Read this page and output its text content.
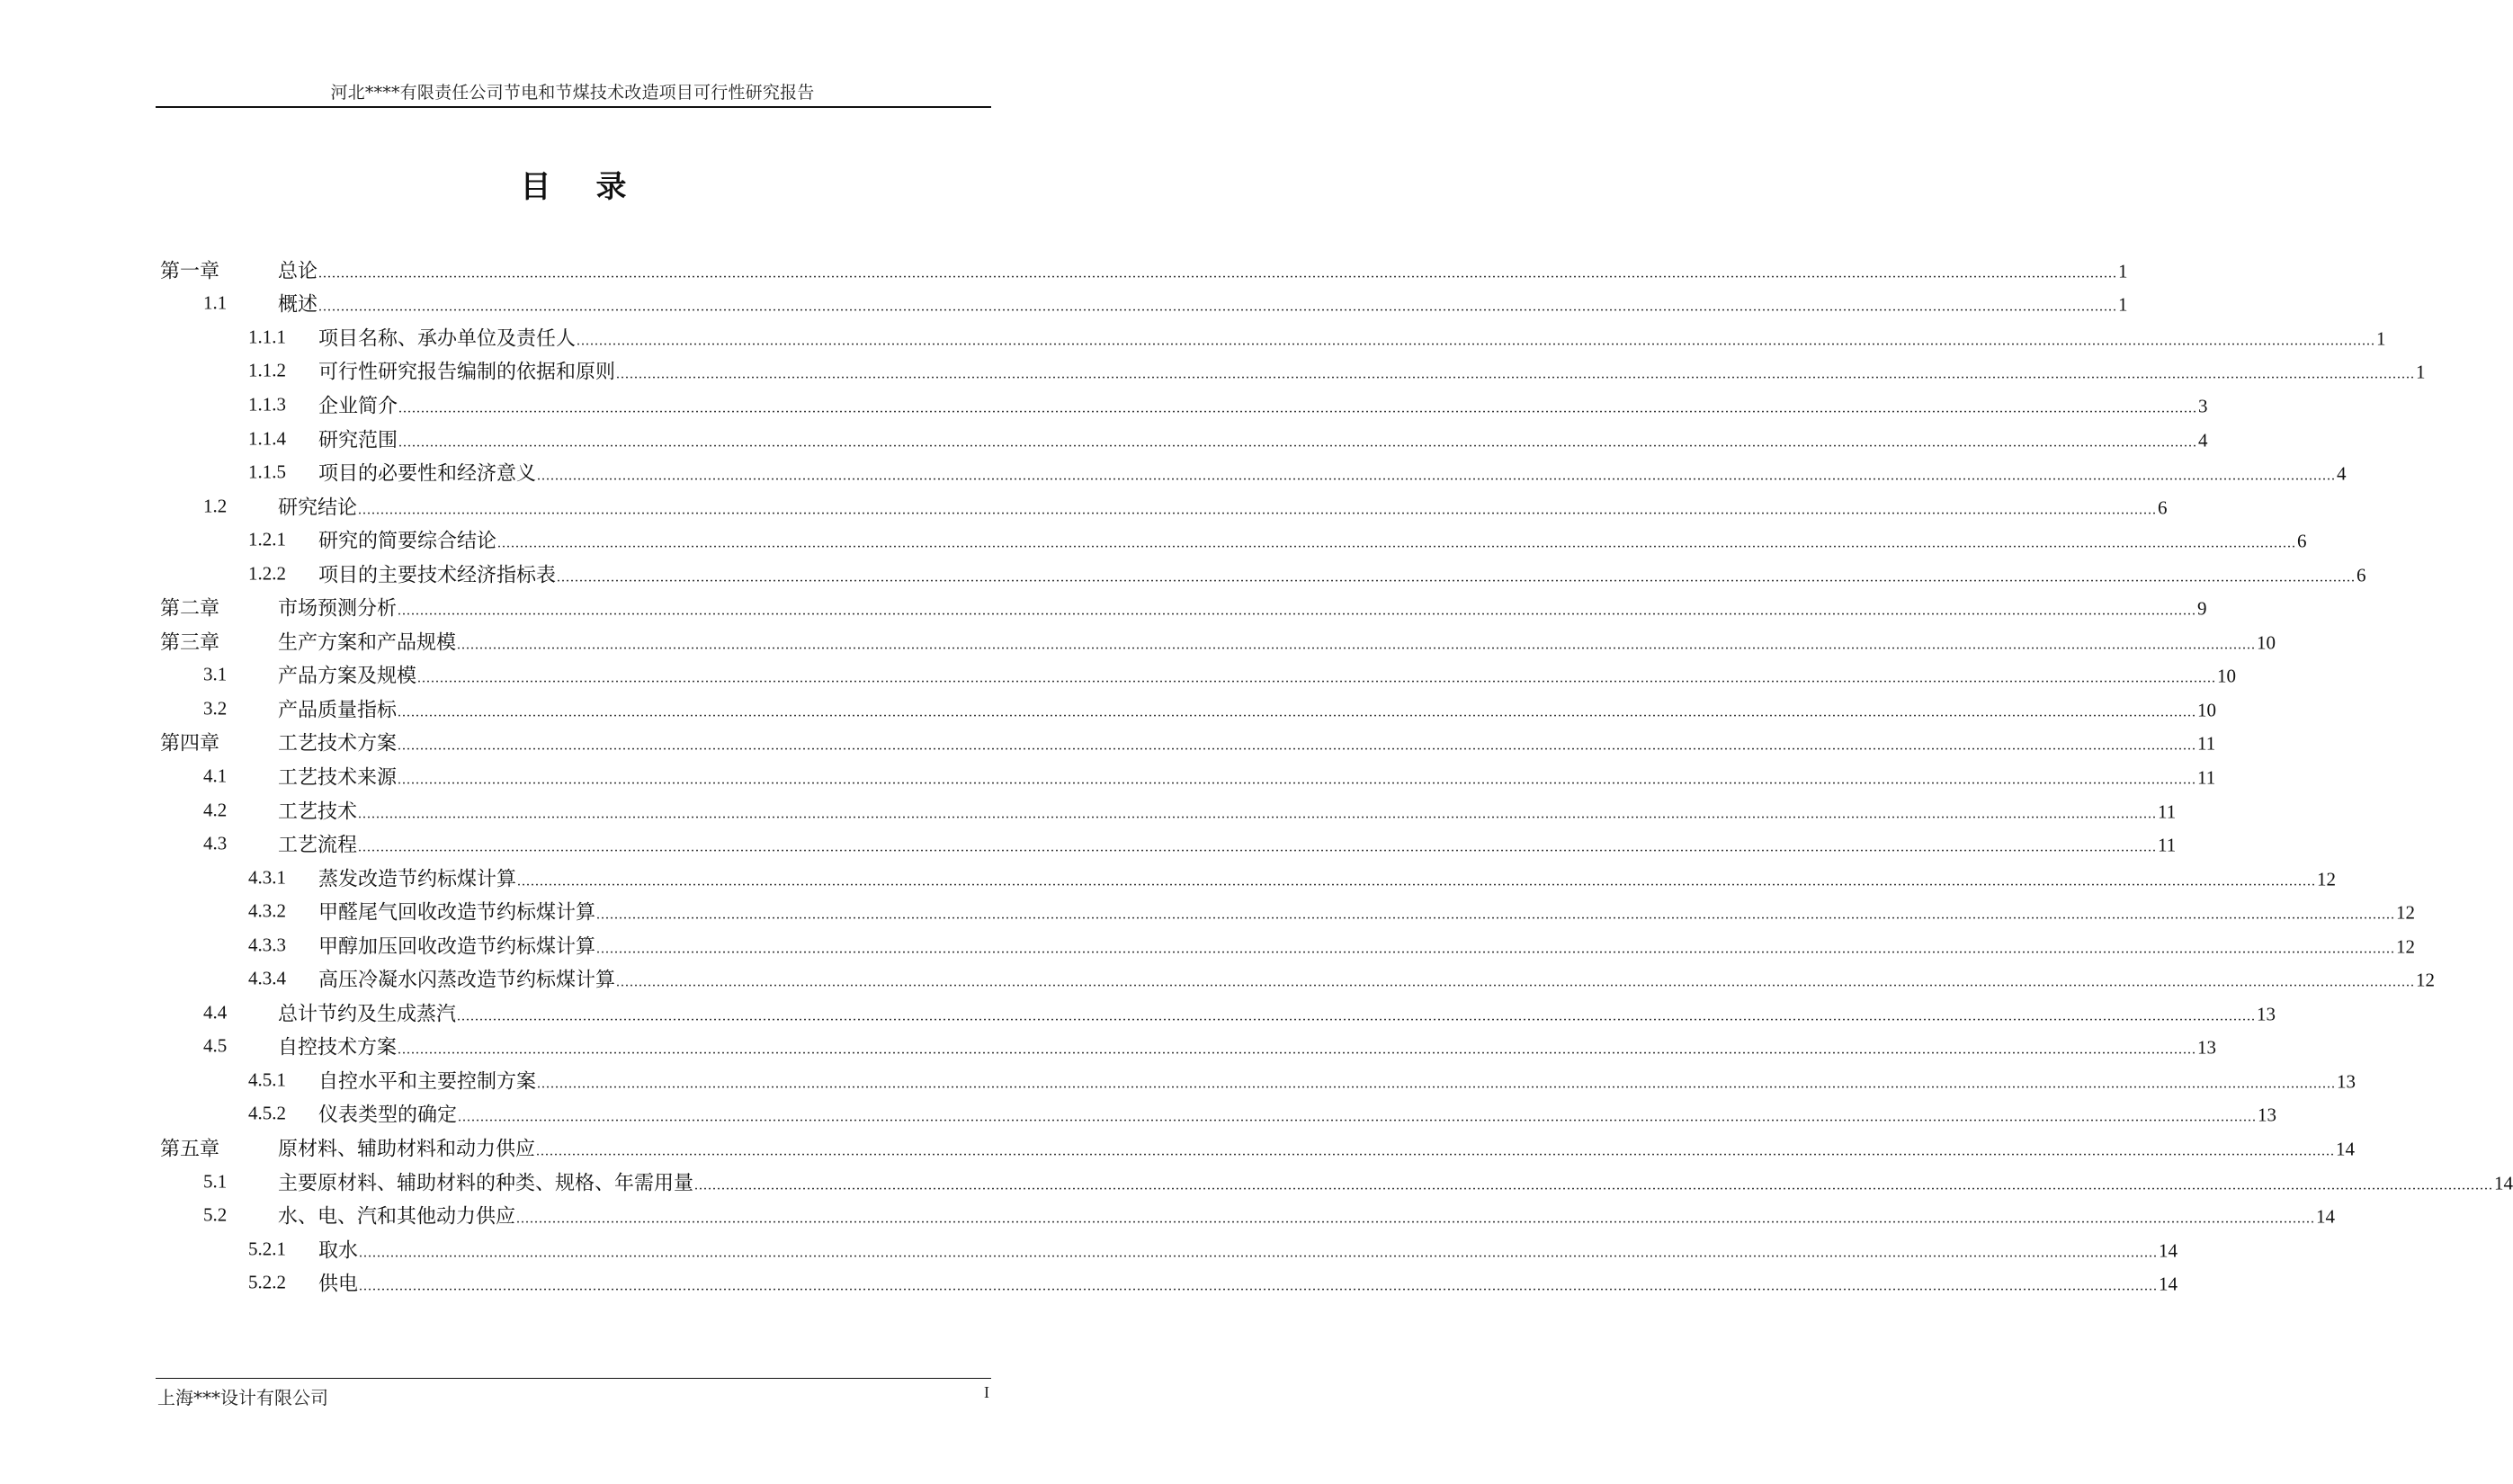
河北****有限责任公司节电和节煤技术改造项目可行性研究报告
目录
第一章	总论 ................................................................................................................................................................................................................................................................................................................................................................................................................ 1
1.1	概述 ................................................................................................................................................................................................................................................................................................................................................................................................................ 1
1.1.1 项目名称、承办单位及责任人 ................................................................................................................................................................................................................................................................................................................................................................................................................ 1
1.1.2 可行性研究报告编制的依据和原则 ................................................................................................................................................................................................................................................................................................................................................................................................................ 1
1.1.3 企业简介 ................................................................................................................................................................................................................................................................................................................................................................................................................ 3
1.1.4 研究范围 ................................................................................................................................................................................................................................................................................................................................................................................................................ 4
1.1.5 项目的必要性和经济意义 ................................................................................................................................................................................................................................................................................................................................................................................................................ 4
1.2	研究结论 ................................................................................................................................................................................................................................................................................................................................................................................................................ 6
1.2.1 研究的简要综合结论 ................................................................................................................................................................................................................................................................................................................................................................................................................ 6
1.2.2 项目的主要技术经济指标表 ................................................................................................................................................................................................................................................................................................................................................................................................................ 6
第二章	市场预测分析 ................................................................................................................................................................................................................................................................................................................................................................................................................ 9
第三章	生产方案和产品规模 ................................................................................................................................................................................................................................................................................................................................................................................................................ 10
3.1	产品方案及规模 ................................................................................................................................................................................................................................................................................................................................................................................................................ 10
3.2	产品质量指标 ................................................................................................................................................................................................................................................................................................................................................................................................................ 10
第四章	工艺技术方案 ................................................................................................................................................................................................................................................................................................................................................................................................................ 11
4.1	工艺技术来源 ................................................................................................................................................................................................................................................................................................................................................................................................................ 11
4.2	工艺技术 ................................................................................................................................................................................................................................................................................................................................................................................................................ 11
4.3	工艺流程 ................................................................................................................................................................................................................................................................................................................................................................................................................ 11
4.3.1 蒸发改造节约标煤计算 ................................................................................................................................................................................................................................................................................................................................................................................................................ 12
4.3.2 甲醛尾气回收改造节约标煤计算 ................................................................................................................................................................................................................................................................................................................................................................................................................ 12
4.3.3 甲醇加压回收改造节约标煤计算 ................................................................................................................................................................................................................................................................................................................................................................................................................ 12
4.3.4 高压冷凝水闪蒸改造节约标煤计算 ................................................................................................................................................................................................................................................................................................................................................................................................................ 12
4.4	总计节约及生成蒸汽 ................................................................................................................................................................................................................................................................................................................................................................................................................ 13
4.5	自控技术方案 ................................................................................................................................................................................................................................................................................................................................................................................................................ 13
4.5.1 自控水平和主要控制方案 ................................................................................................................................................................................................................................................................................................................................................................................................................ 13
4.5.2 仪表类型的确定 ................................................................................................................................................................................................................................................................................................................................................................................................................ 13
第五章	原材料、辅助材料和动力供应 ................................................................................................................................................................................................................................................................................................................................................................................................................ 14
5.1	主要原材料、辅助材料的种类、规格、年需用量 ................................................................................................................................................................................................................................................................................................................................................................................................................ 14
5.2	水、电、汽和其他动力供应 ................................................................................................................................................................................................................................................................................................................................................................................................................ 14
5.2.1 取水 ................................................................................................................................................................................................................................................................................................................................................................................................................ 14
5.2.2 供电 ................................................................................................................................................................................................................................................................................................................................................................................................................ 14
上海***设计有限公司	I
